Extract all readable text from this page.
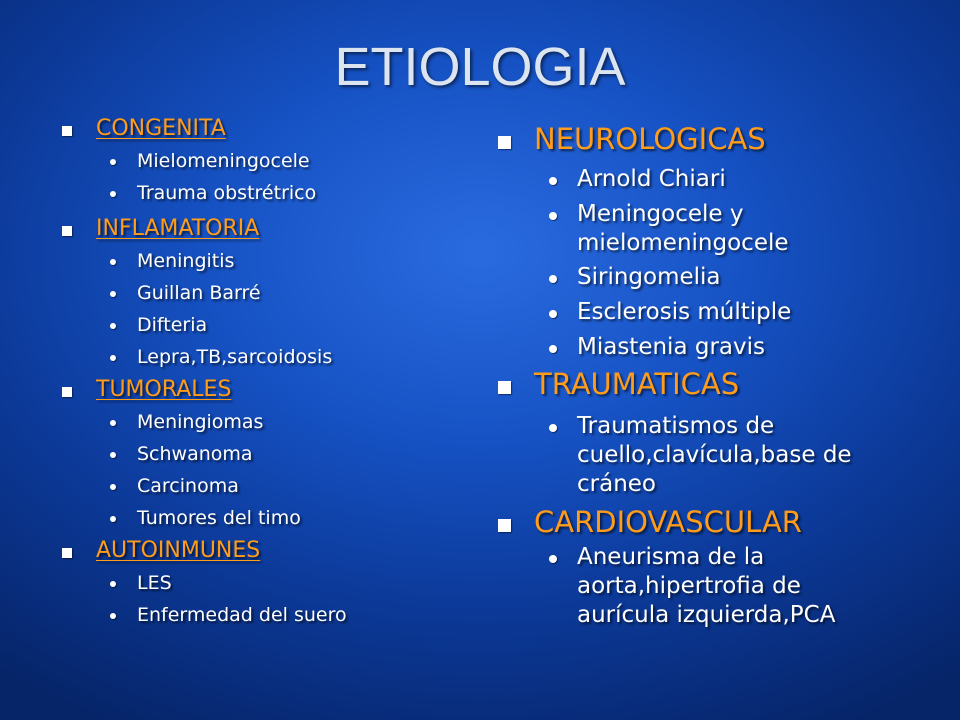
ETIOLOGIA
CONGENITA
Mielomeningocele
Trauma obstrétrico
INFLAMATORIA
Meningitis
Guillan Barré
Difteria
Lepra,TB,sarcoidosis
TUMORALES
Meningiomas
Schwanoma
Carcinoma
Tumores del timo
AUTOINMUNES
LES
Enfermedad del suero
NEUROLOGICAS
Arnold Chiari
Meningocele y
mielomeningocele
Siringomelia
Esclerosis múltiple
Miastenia gravis
TRAUMATICAS
Traumatismos de
cuello,clavícula,base de
cráneo
CARDIOVASCULAR
Aneurisma de la
aorta,hipertrofia de
aurícula izquierda,PCA
